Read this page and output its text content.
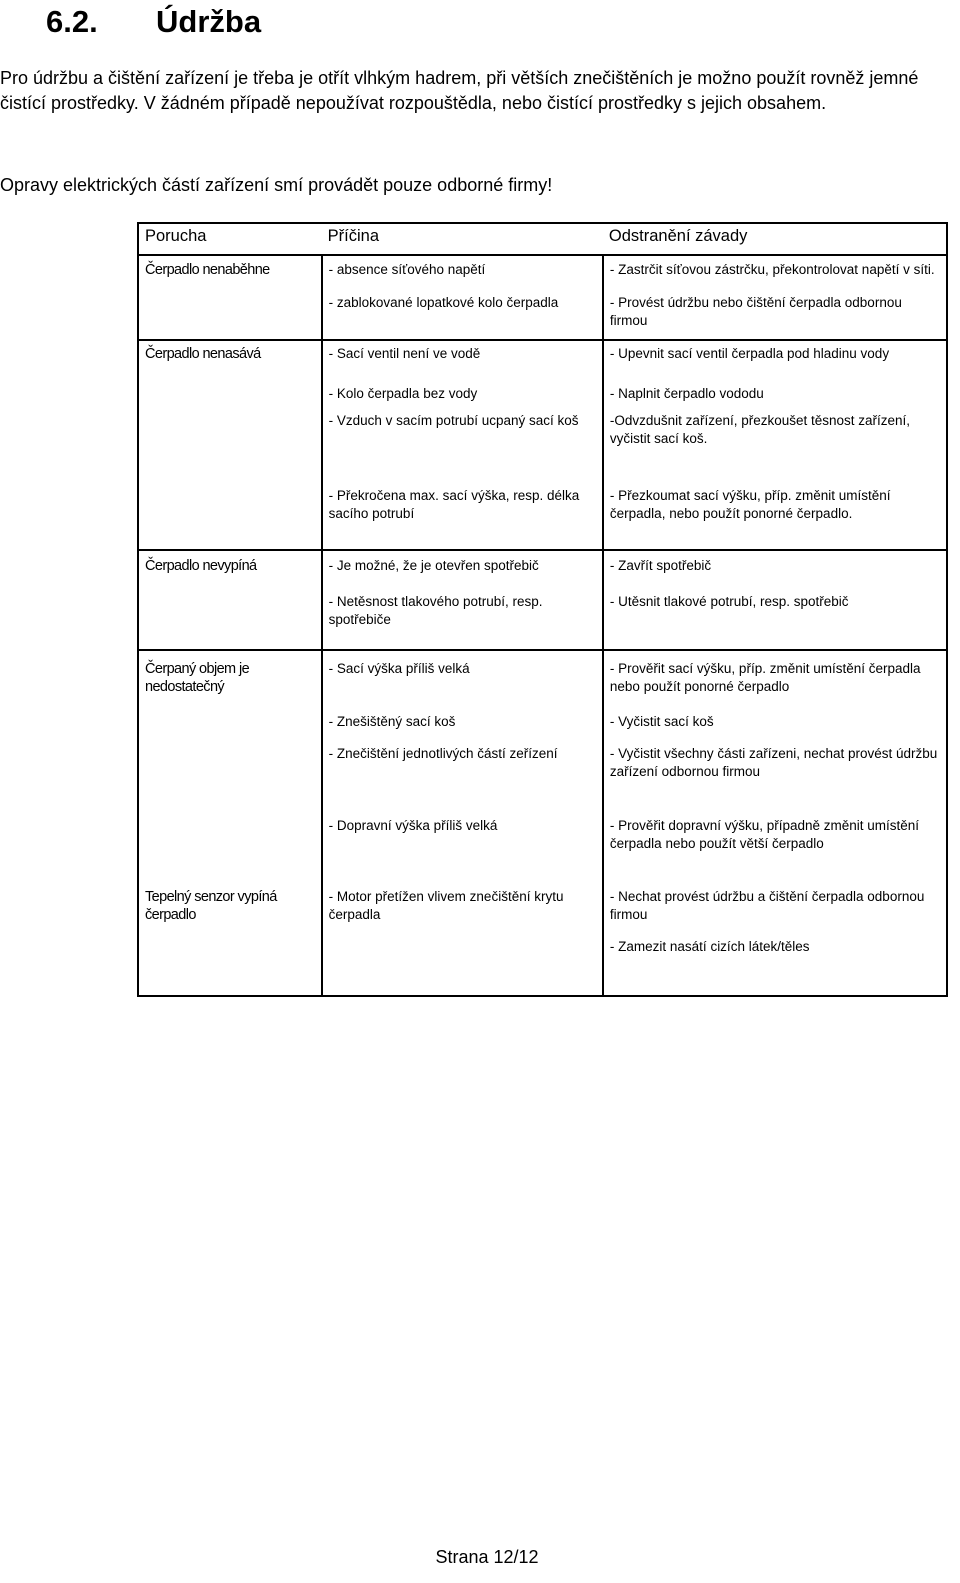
6.2. Údržba
Pro údržbu a čištění zařízení je třeba je otřít vlhkým hadrem, při větších znečištěních je možno použít rovněž jemné čistící prostředky. V žádném případě nepoužívat rozpouštědla, nebo čistící prostředky s jejich obsahem.
Opravy elektrických částí zařízení smí provádět pouze odborné firmy!
Porucha	Příčina	Odstranění závady
Čerpadlo nenaběhne	- absence síťového napětí	- Zastrčit síťovou zástrčku, překontrolovat napětí v síti.
	- zablokované lopatkové kolo čerpadla	- Provést údržbu nebo čištění čerpadla odbornou firmou
Čerpadlo nenasává	- Sací ventil není ve vodě	- Upevnit sací ventil čerpadla pod hladinu vody
	- Kolo čerpadla bez vody	- Naplnit čerpadlo vododu
	- Vzduch v sacím potrubí ucpaný sací koš	-Odvzdušnit zařízení, přezkoušet těsnost zařízení, vyčistit sací koš.
	- Překročena max. sací výška, resp. délka sacího potrubí	- Přezkoumat sací výšku, příp. změnit umístění čerpadla, nebo použít ponorné čerpadlo.
Čerpadlo nevypíná	- Je možné, že je otevřen spotřebič	- Zavřít spotřebič
	- Netěsnost tlakového potrubí, resp. spotřebiče	- Utěsnit tlakové potrubí, resp. spotřebič
Čerpaný objem je nedostatečný	- Sací výška příliš velká	- Prověřit sací výšku, příp. změnit umístění čerpadla nebo použít ponorné čerpadlo
	- Znešištěný sací koš	- Vyčistit sací koš
	- Znečištění jednotlivých částí zeřízení	- Vyčistit všechny části zařízeni, nechat provést údržbu zařízení odbornou firmou
	- Dopravní výška příliš velká	- Prověřit dopravní výšku, případně změnit umístění čerpadla nebo použít větší čerpadlo
Tepelný senzor vypíná čerpadlo	- Motor přetížen vlivem znečištění krytu čerpadla	- Nechat provést údržbu a čištění čerpadla odbornou firmou
		- Zamezit nasátí cizích látek/těles
Strana 12/12
